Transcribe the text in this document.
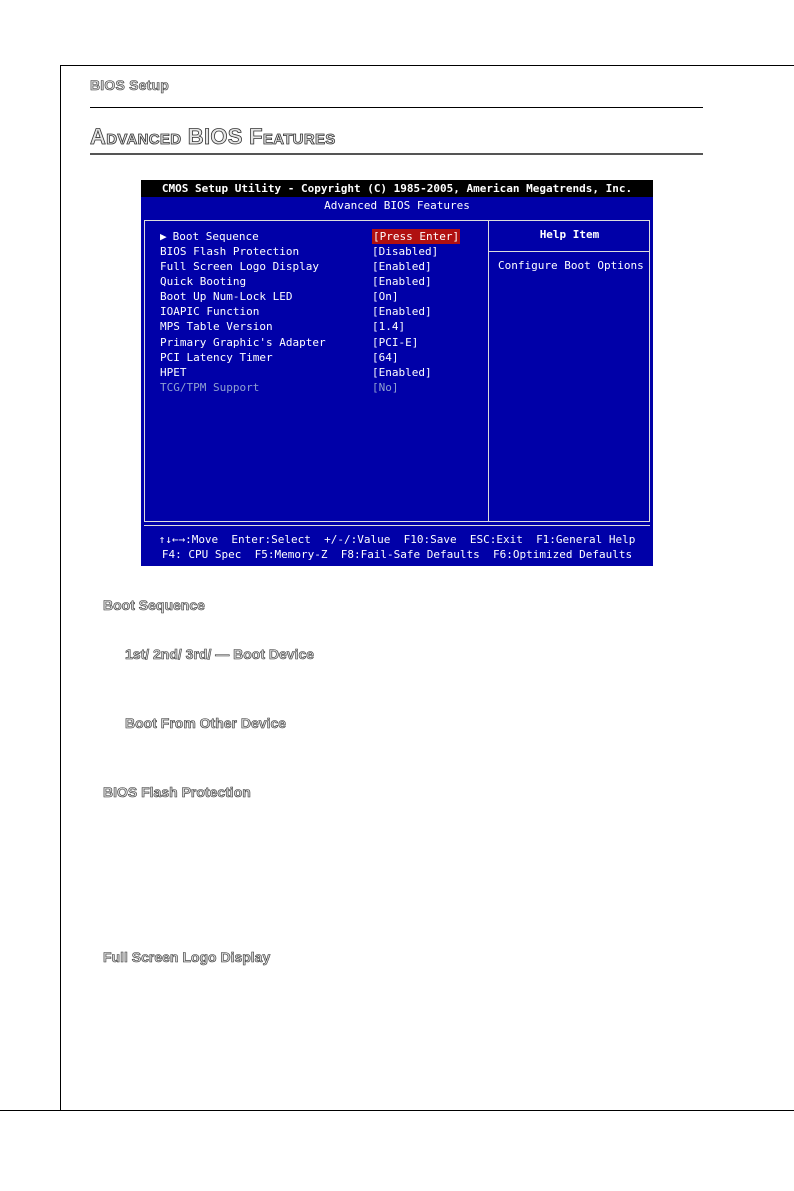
BIOS Setup
Advanced BIOS Features
CMOS Setup Utility - Copyright (C) 1985-2005, American Megatrends, Inc.
Advanced BIOS Features
Help Item
Configure Boot Options
▶ Boot Sequence	[Press Enter]
BIOS Flash Protection	[Disabled]
Full Screen Logo Display	[Enabled]
Quick Booting	[Enabled]
Boot Up Num-Lock LED	[On]
IOAPIC Function	[Enabled]
MPS Table Version	[1.4]
Primary Graphic's Adapter	[PCI-E]
PCI Latency Timer	[64]
HPET	[Enabled]
TCG/TPM Support	[No]
↑↓←→:Move  Enter:Select  +/-/:Value  F10:Save  ESC:Exit  F1:General Help
F4: CPU Spec  F5:Memory-Z  F8:Fail-Safe Defaults  F6:Optimized Defaults
Boot Sequence
1st/ 2nd/ 3rd/ — Boot Device
Boot From Other Device
BIOS Flash Protection
Full Screen Logo Display
